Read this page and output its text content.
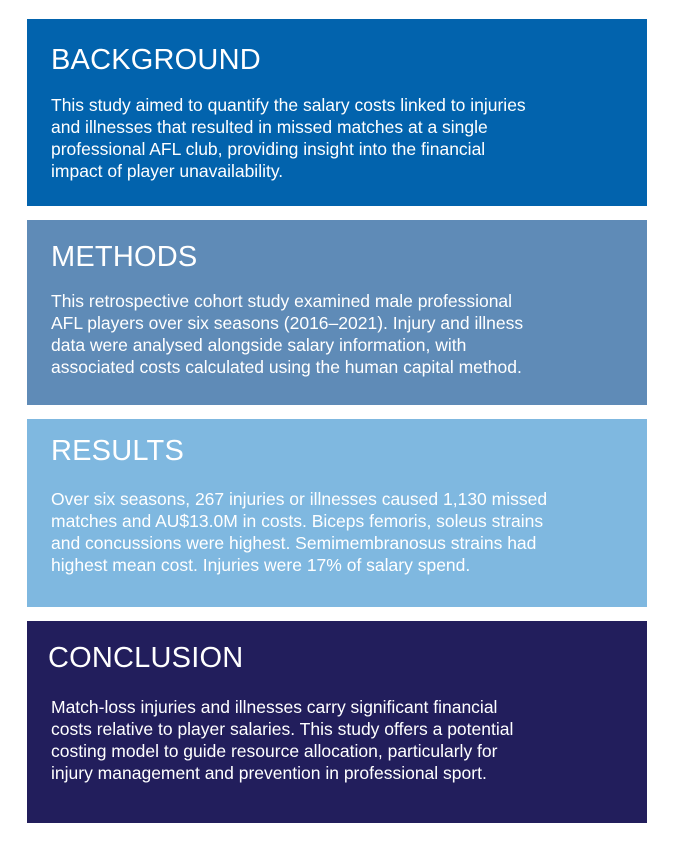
BACKGROUND

This study aimed to quantify the salary costs linked to injuries
and illnesses that resulted in missed matches at a single
professional AFL club, providing insight into the financial
impact of player unavailability.

METHODS

This retrospective cohort study examined male professional
AFL players over six seasons (2016–2021). Injury and illness
data were analysed alongside salary information, with
associated costs calculated using the human capital method.

RESULTS

Over six seasons, 267 injuries or illnesses caused 1,130 missed
matches and AU$13.0M in costs. Biceps femoris, soleus strains
and concussions were highest. Semimembranosus strains had
highest mean cost. Injuries were 17% of salary spend.

CONCLUSION

Match-loss injuries and illnesses carry significant financial
costs relative to player salaries. This study offers a potential
costing model to guide resource allocation, particularly for
injury management and prevention in professional sport.
